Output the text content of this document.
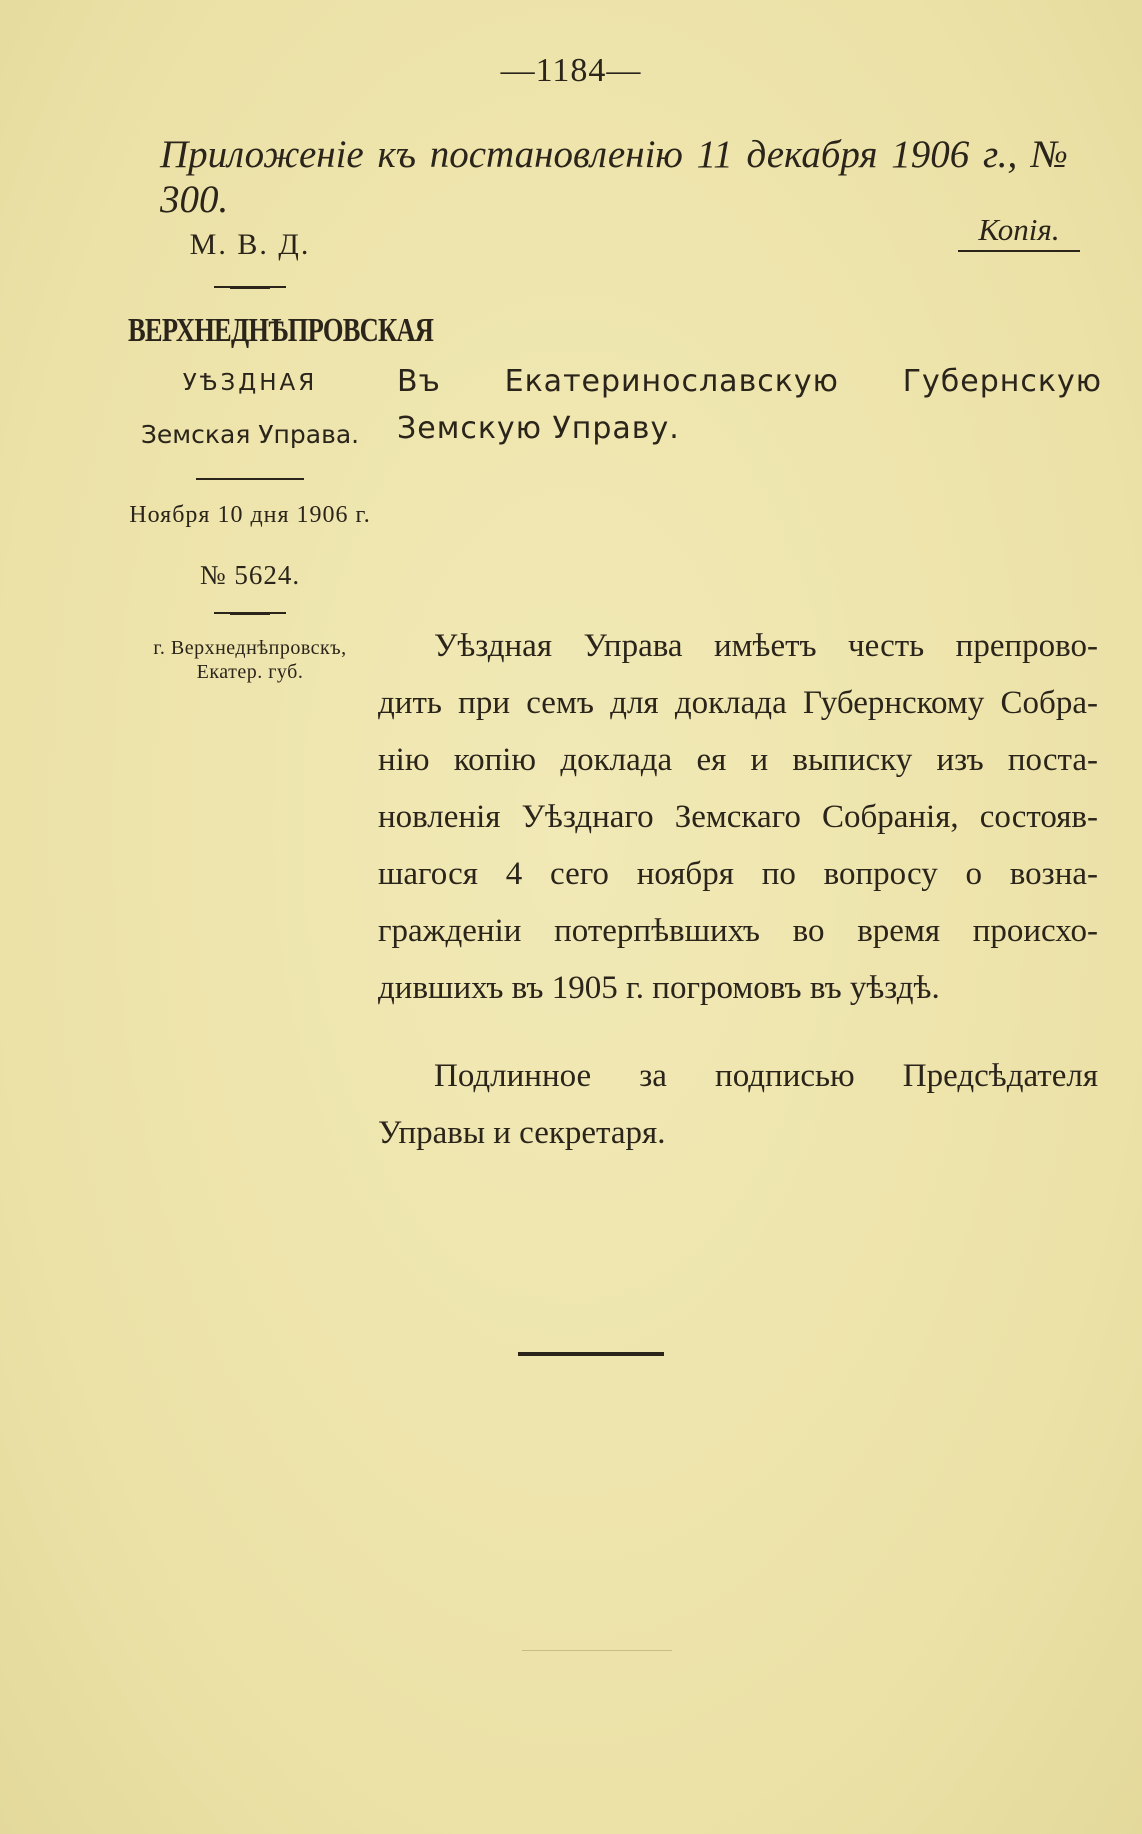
—1184—
Приложеніе къ постановленію 11 декабря 1906 г., № 300.
Копія.
М. В. Д.
ВЕРХНЕДНѢПРОВСКАЯ
УѢЗДНАЯ
Земская Управа.
Ноября 10 дня 1906 г.
№ 5624.
г. Верхнеднѣпровскъ,
Екатер. губ.
Въ Екатеринославскую Губернскую
Земскую Управу.
Уѣздная Управа имѣетъ честь препрово-
дить при семъ для доклада Губернскому Собра-
нію копію доклада ея и выписку изъ поста-
новленія Уѣзднаго Земскаго Собранія, состояв-
шагося 4 сего ноября по вопросу о возна-
гражденіи потерпѣвшихъ во время происхо-
дившихъ въ 1905 г. погромовъ въ уѣздѣ.
Подлинное за подписью Предсѣдателя
Управы и секретаря.
